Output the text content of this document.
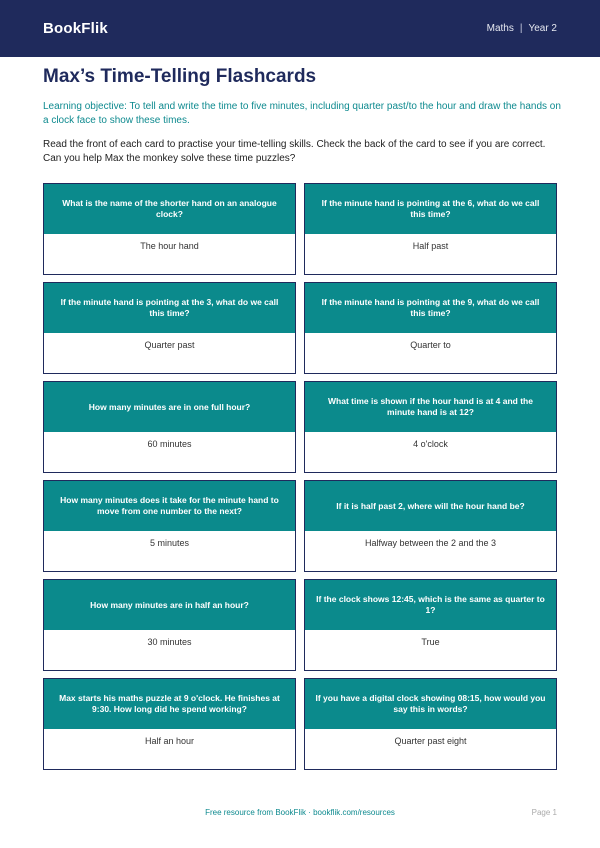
BookFlik	Maths | Year 2
Max’s Time-Telling Flashcards

Learning objective: To tell and write the time to five minutes, including quarter past/to the hour and draw the hands on a clock face to show these times.

Read the front of each card to practise your time-telling skills. Check the back of the card to see if you are correct. Can you help Max the monkey solve these time puzzles?

What is the name of the shorter hand on an analogue clock?
The hour hand
If the minute hand is pointing at the 6, what do we call this time?
Half past
If the minute hand is pointing at the 3, what do we call this time?
Quarter past
If the minute hand is pointing at the 9, what do we call this time?
Quarter to
How many minutes are in one full hour?
60 minutes
What time is shown if the hour hand is at 4 and the minute hand is at 12?
4 o'clock
How many minutes does it take for the minute hand to move from one number to the next?
5 minutes
If it is half past 2, where will the hour hand be?
Halfway between the 2 and the 3
How many minutes are in half an hour?
30 minutes
If the clock shows 12:45, which is the same as quarter to 1?
True
Max starts his maths puzzle at 9 o'clock. He finishes at 9:30. How long did he spend working?
Half an hour
If you have a digital clock showing 08:15, how would you say this in words?
Quarter past eight
Free resource from BookFlik · bookflik.com/resources	Page 1
